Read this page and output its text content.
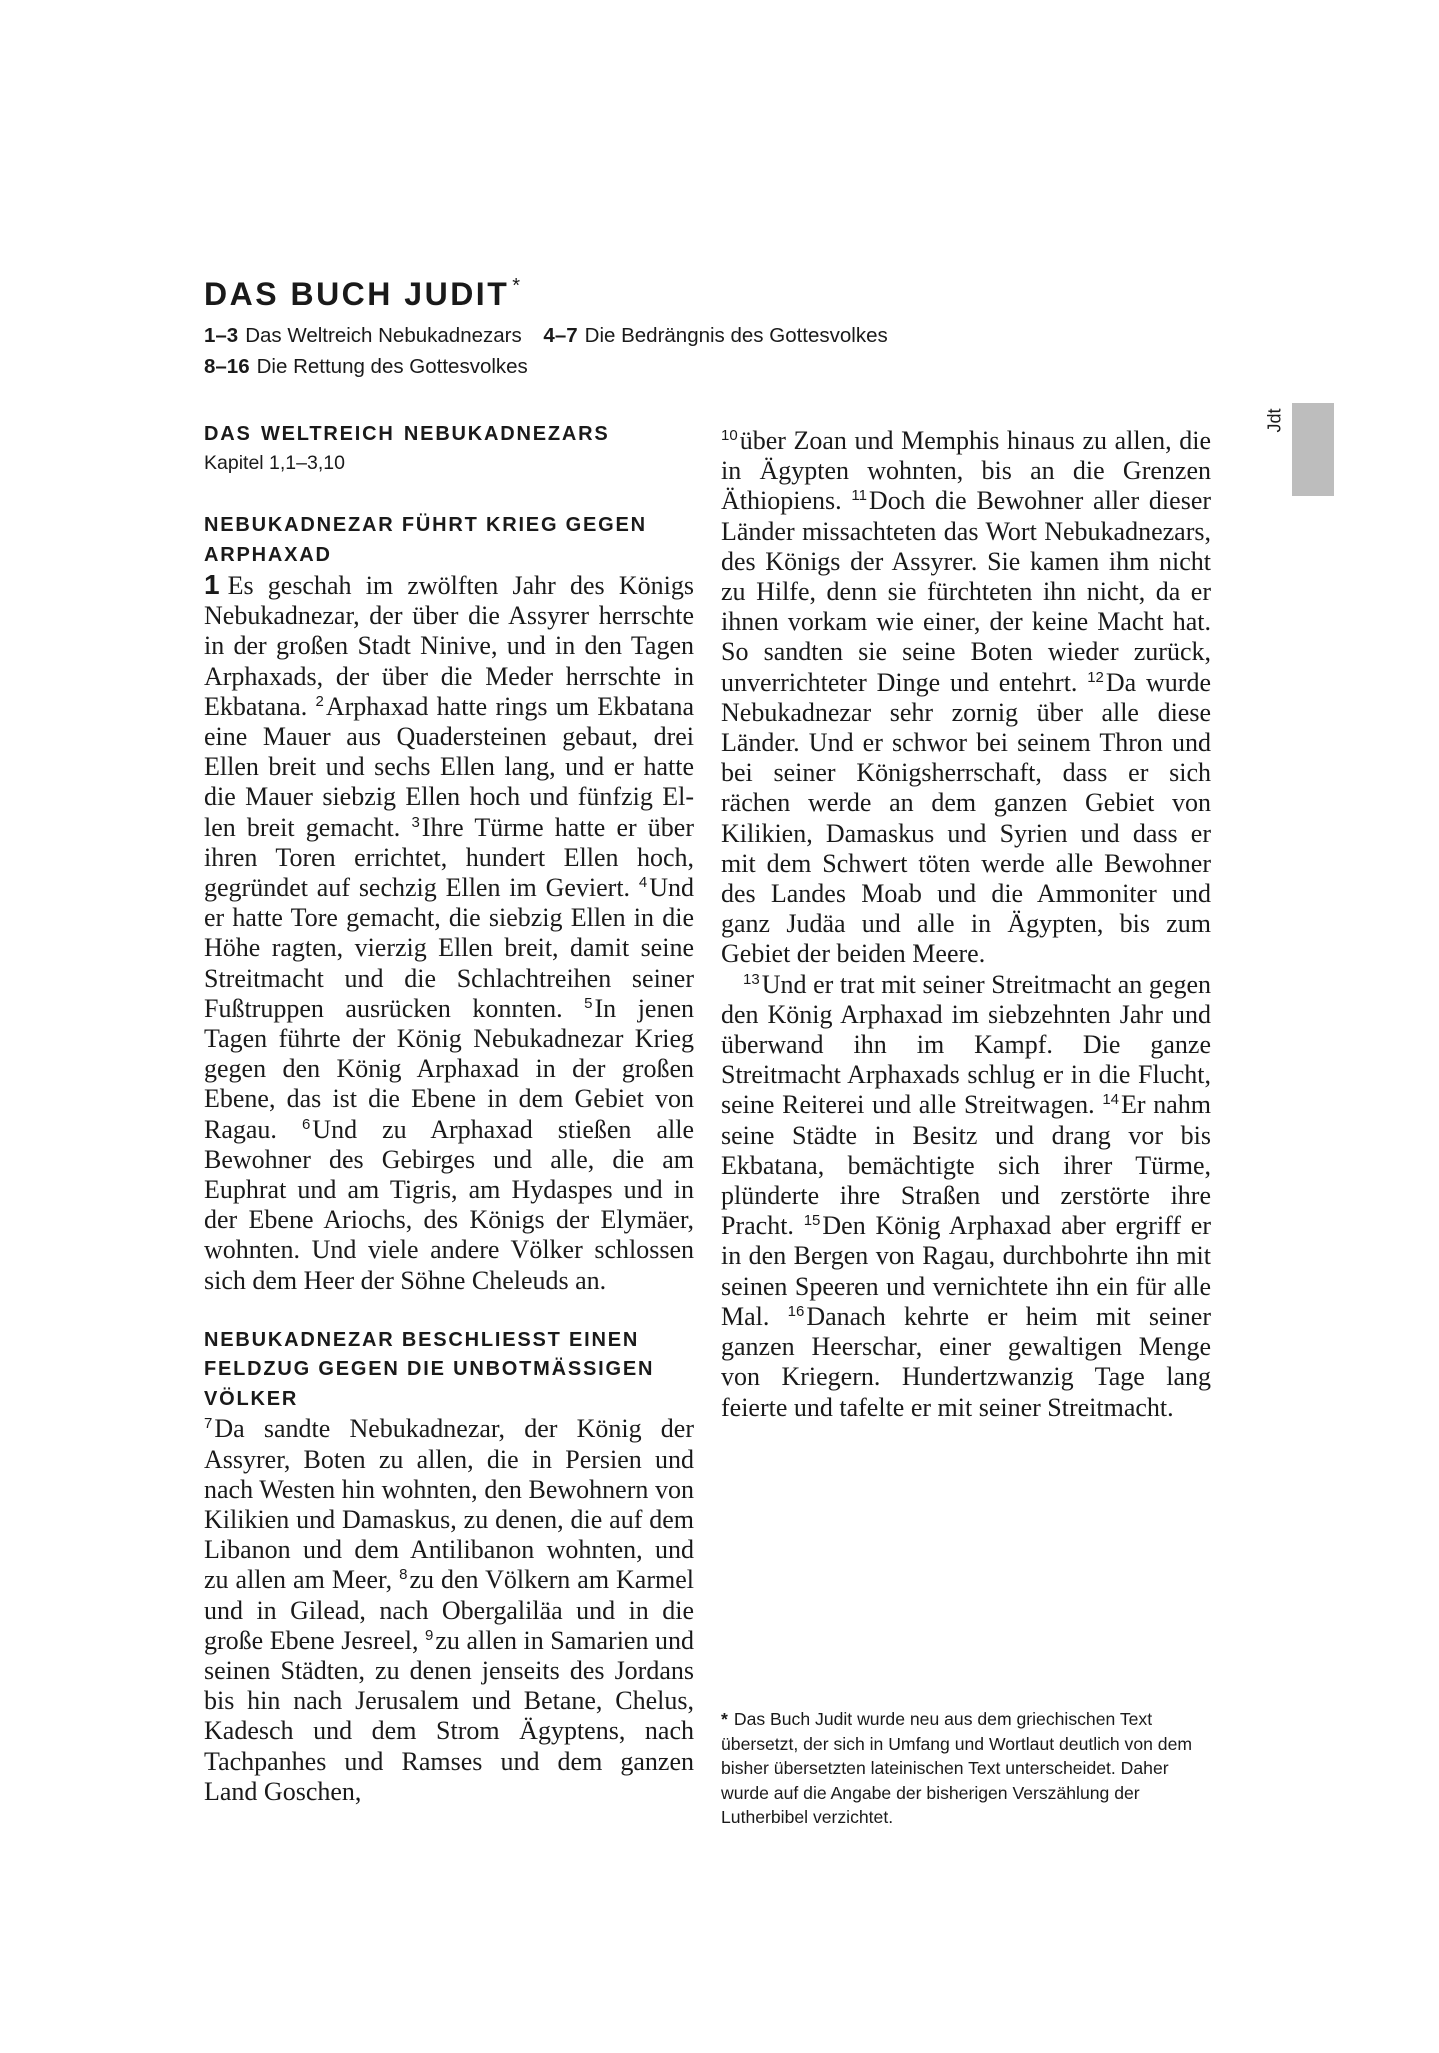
DAS BUCH JUDIT *
1–3 Das Weltreich Nebukadnezars 4–7 Die Bedrängnis des Gottesvolkes
8–16 Die Rettung des Gottesvolkes
Jdt
DAS WELTREICH NEBUKADNEZARS
Kapitel 1,1–3,10
NEBUKADNEZAR FÜHRT KRIEG GEGEN ARPHAXAD

1 Es geschah im zwölften Jahr des Königs Nebukadnezar, der über die Assyrer herrschte in der großen Stadt Ninive, und in den Tagen Arphaxads, der über die Meder herrschte in Ekbatana. $^2$Arphaxad hatte rings um Ekbatana eine Mauer aus Quadersteinen gebaut, drei Ellen breit und sechs Ellen lang, und er hatte die Mauer siebzig Ellen hoch und fünfzig Ellen breit gemacht. $^3$Ihre Türme hatte er über ihren Toren errichtet, hundert Ellen hoch, gegründet auf sechzig Ellen im Geviert. $^4$Und er hatte Tore gemacht, die siebzig Ellen in die Höhe ragten, vierzig Ellen breit, damit seine Streitmacht und die Schlachtreihen seiner Fußtruppen ausrücken konnten. $^5$In jenen Tagen führte der König Nebukadnezar Krieg gegen den König Arphaxad in der großen Ebene, das ist die Ebene in dem Gebiet von Ragau. $^6$Und zu Arphaxad stießen alle Bewohner des Gebirges und alle, die am Euphrat und am Tigris, am Hydaspes und in der Ebene Ariochs, des Königs der Elymäer, wohnten. Und viele andere Völker schlossen sich dem Heer der Söhne Cheleuds an.

NEBUKADNEZAR BESCHLIESST EINEN FELDZUG GEGEN DIE UNBOTMÄSSIGEN VÖLKER

$^7$Da sandte Nebukadnezar, der König der Assyrer, Boten zu allen, die in Persien und nach Westen hin wohnten, den Bewohnern von Kilikien und Damaskus, zu denen, die auf dem Libanon und dem Antilibanon wohnten, und zu allen am Meer, $^8$zu den Völkern am Karmel und in Gilead, nach Obergaliläa und in die große Ebene Jesreel, $^9$zu allen in Samarien und seinen Städten, zu denen jenseits des Jordans bis hin nach Jerusalem und Betane, Chelus, Kadesch und dem Strom Ägyptens, nach Tachpanhes und Ramses und dem ganzen Land Goschen,

$^{10}$über Zoan und Memphis hinaus zu allen, die in Ägypten wohnten, bis an die Grenzen Äthiopiens. $^{11}$Doch die Bewohner aller dieser Länder missachteten das Wort Nebukadnezars, des Königs der Assyrer. Sie kamen ihm nicht zu Hilfe, denn sie fürchteten ihn nicht, da er ihnen vorkam wie einer, der keine Macht hat. So sandten sie seine Boten wieder zurück, unverrichteter Dinge und entehrt. $^{12}$Da wurde Nebukadnezar sehr zornig über alle diese Länder. Und er schwor bei seinem Thron und bei seiner Königsherrschaft, dass er sich rächen werde an dem ganzen Gebiet von Kilikien, Damaskus und Syrien und dass er mit dem Schwert töten werde alle Bewohner des Landes Moab und die Ammoniter und ganz Judäa und alle in Ägypten, bis zum Gebiet der beiden Meere.

$^{13}$Und er trat mit seiner Streitmacht an gegen den König Arphaxad im siebzehnten Jahr und überwand ihn im Kampf. Die ganze Streitmacht Arphaxads schlug er in die Flucht, seine Reiterei und alle Streitwagen. $^{14}$Er nahm seine Städte in Besitz und drang vor bis Ekbatana, bemächtigte sich ihrer Türme, plünderte ihre Straßen und zerstörte ihre Pracht. $^{15}$Den König Arphaxad aber ergriff er in den Bergen von Ragau, durchbohrte ihn mit seinen Speeren und vernichtete ihn ein für alle Mal. $^{16}$Danach kehrte er heim mit seiner ganzen Heerschar, einer gewaltigen Menge von Kriegern. Hundertzwanzig Tage lang feierte und tafelte er mit seiner Streitmacht.

* Das Buch Judit wurde neu aus dem griechischen Text übersetzt, der sich in Umfang und Wortlaut deutlich von dem bisher übersetzten lateinischen Text unterscheidet. Daher wurde auf die Angabe der bisherigen Verszählung der Lutherbibel verzichtet.
